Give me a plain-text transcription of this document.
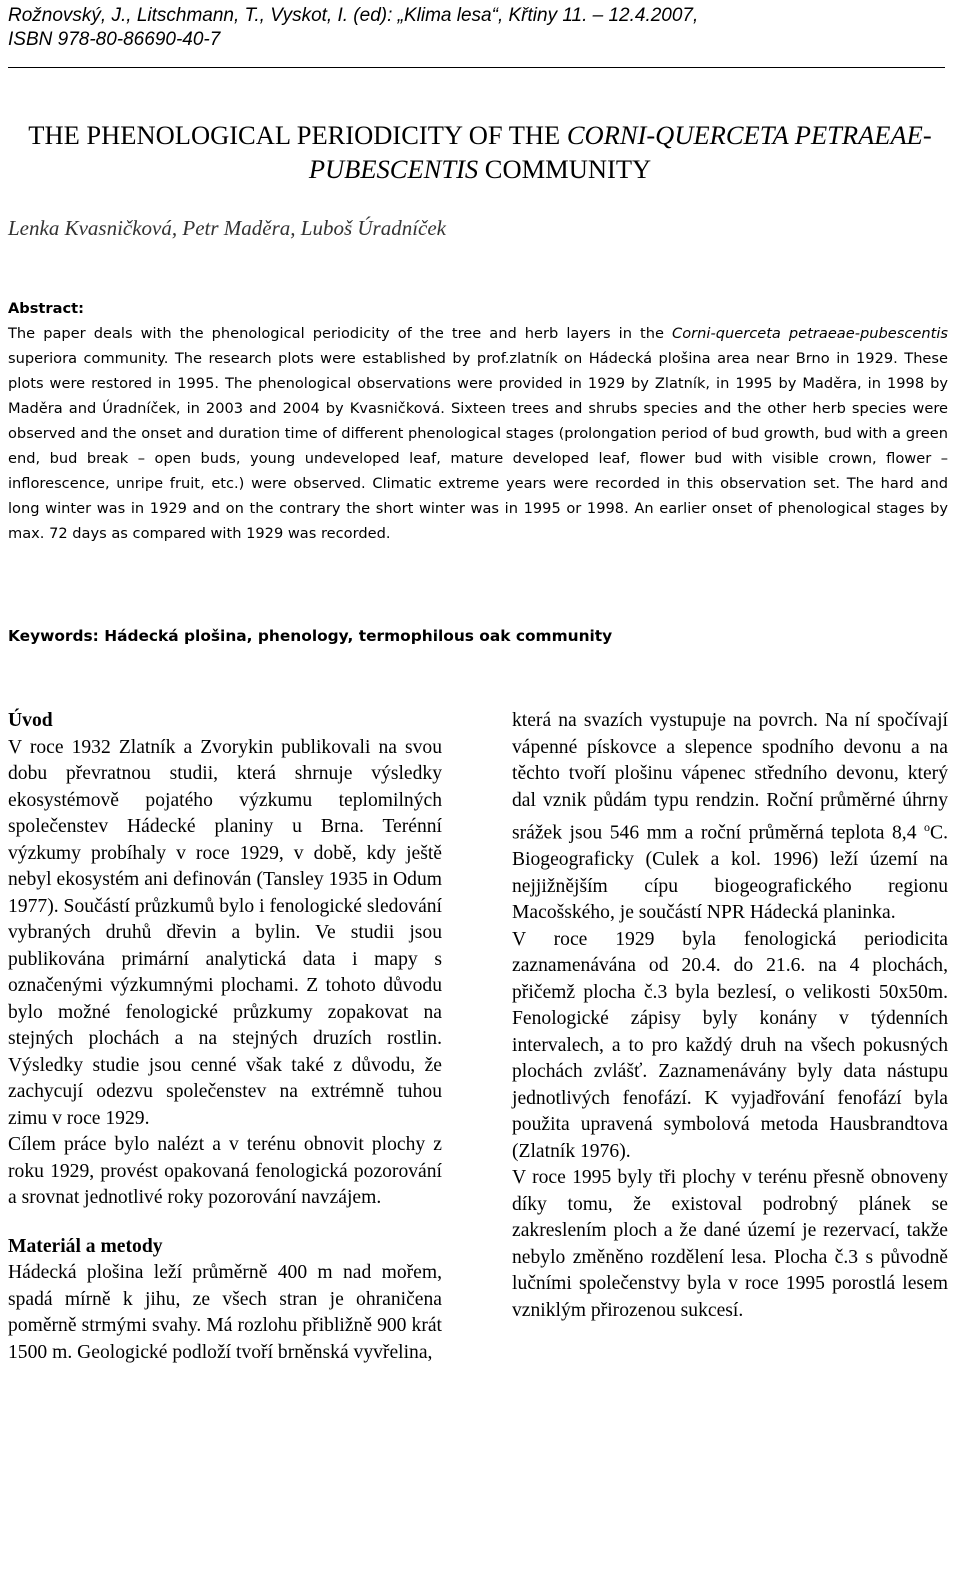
Rožnovský, J., Litschmann, T., Vyskot, I. (ed): „Klima lesa“, Křtiny 11. – 12.4.2007,
ISBN 978-80-86690-40-7
THE PHENOLOGICAL PERIODICITY OF THE CORNI-QUERCETA PETRAEAE-PUBESCENTIS COMMUNITY
Lenka Kvasničková, Petr Maděra, Luboš Úradníček
Abstract:
The paper deals with the phenological periodicity of the tree and herb layers in the Corni-querceta petraeae-pubescentis superiora community. The research plots were established by prof.zlatník on Hádecká plošina area near Brno in 1929. These plots were restored in 1995. The phenological observations were provided in 1929 by Zlatník, in 1995 by Maděra, in 1998 by Maděra and Úradníček, in 2003 and 2004 by Kvasničková. Sixteen trees and shrubs species and the other herb species were observed and the onset and duration time of different phenological stages (prolongation period of bud growth, bud with a green end, bud break – open buds, young undeveloped leaf, mature developed leaf, flower bud with visible crown, flower – inflorescence, unripe fruit, etc.) were observed. Climatic extreme years were recorded in this observation set. The hard and long winter was in 1929 and on the contrary the short winter was in 1995 or 1998. An earlier onset of phenological stages by max. 72 days as compared with 1929 was recorded.
Keywords: Hádecká plošina, phenology, termophilous oak community
Úvod

V roce 1932 Zlatník a Zvorykin publikovali na svou dobu převratnou studii, která shrnuje výsledky ekosystémově pojatého výzkumu teplomilných společenstev Hádecké planiny u Brna. Terénní výzkumy probíhaly v roce 1929, v době, kdy ještě nebyl ekosystém ani definován (Tansley 1935 in Odum 1977). Součástí průzkumů bylo i fenologické sledování vybraných druhů dřevin a bylin. Ve studii jsou publikována primární analytická data i mapy s označenými výzkumnými plochami. Z tohoto důvodu bylo možné fenologické průzkumy zopakovat na stejných plochách a na stejných druzích rostlin. Výsledky studie jsou cenné však také z důvodu, že zachycují odezvu společenstev na extrémně tuhou zimu v roce 1929.

Cílem práce bylo nalézt a v terénu obnovit plochy z roku 1929, provést opakovaná fenologická pozorování a srovnat jednotlivé roky pozorování navzájem.

Materiál a metody

Hádecká plošina leží průměrně 400 m nad mořem, spadá mírně k jihu, ze všech stran je ohraničena poměrně strmými svahy. Má rozlohu přibližně 900 krát 1500 m. Geologické podloží tvoří brněnská vyvřelina,

která na svazích vystupuje na povrch. Na ní spočívají vápenné pískovce a slepence spodního devonu a na těchto tvoří plošinu vápenec středního devonu, který dal vznik půdám typu rendzin. Roční průměrné úhrny srážek jsou 546 mm a roční průměrná teplota 8,4 $^o$C. Biogeograficky (Culek a kol. 1996) leží území na nejjižnějším cípu biogeografického regionu Macošského, je součástí NPR Hádecká planinka.

V roce 1929 byla fenologická periodicita zaznamenávána od 20.4. do 21.6. na 4 plochách, přičemž plocha č.3 byla bezlesí, o velikosti 50x50m. Fenologické zápisy byly konány v týdenních intervalech, a to pro každý druh na všech pokusných plochách zvlášť. Zaznamenávány byly data nástupu jednotlivých fenofází. K vyjadřování fenofází byla použita upravená symbolová metoda Hausbrandtova (Zlatník 1976).

V roce 1995 byly tři plochy v terénu přesně obnoveny díky tomu, že existoval podrobný plánek se zakreslením ploch a že dané území je rezervací, takže nebylo změněno rozdělení lesa. Plocha č.3 s původně lučními společenstvy byla v roce 1995 porostlá lesem vzniklým přirozenou sukcesí.
